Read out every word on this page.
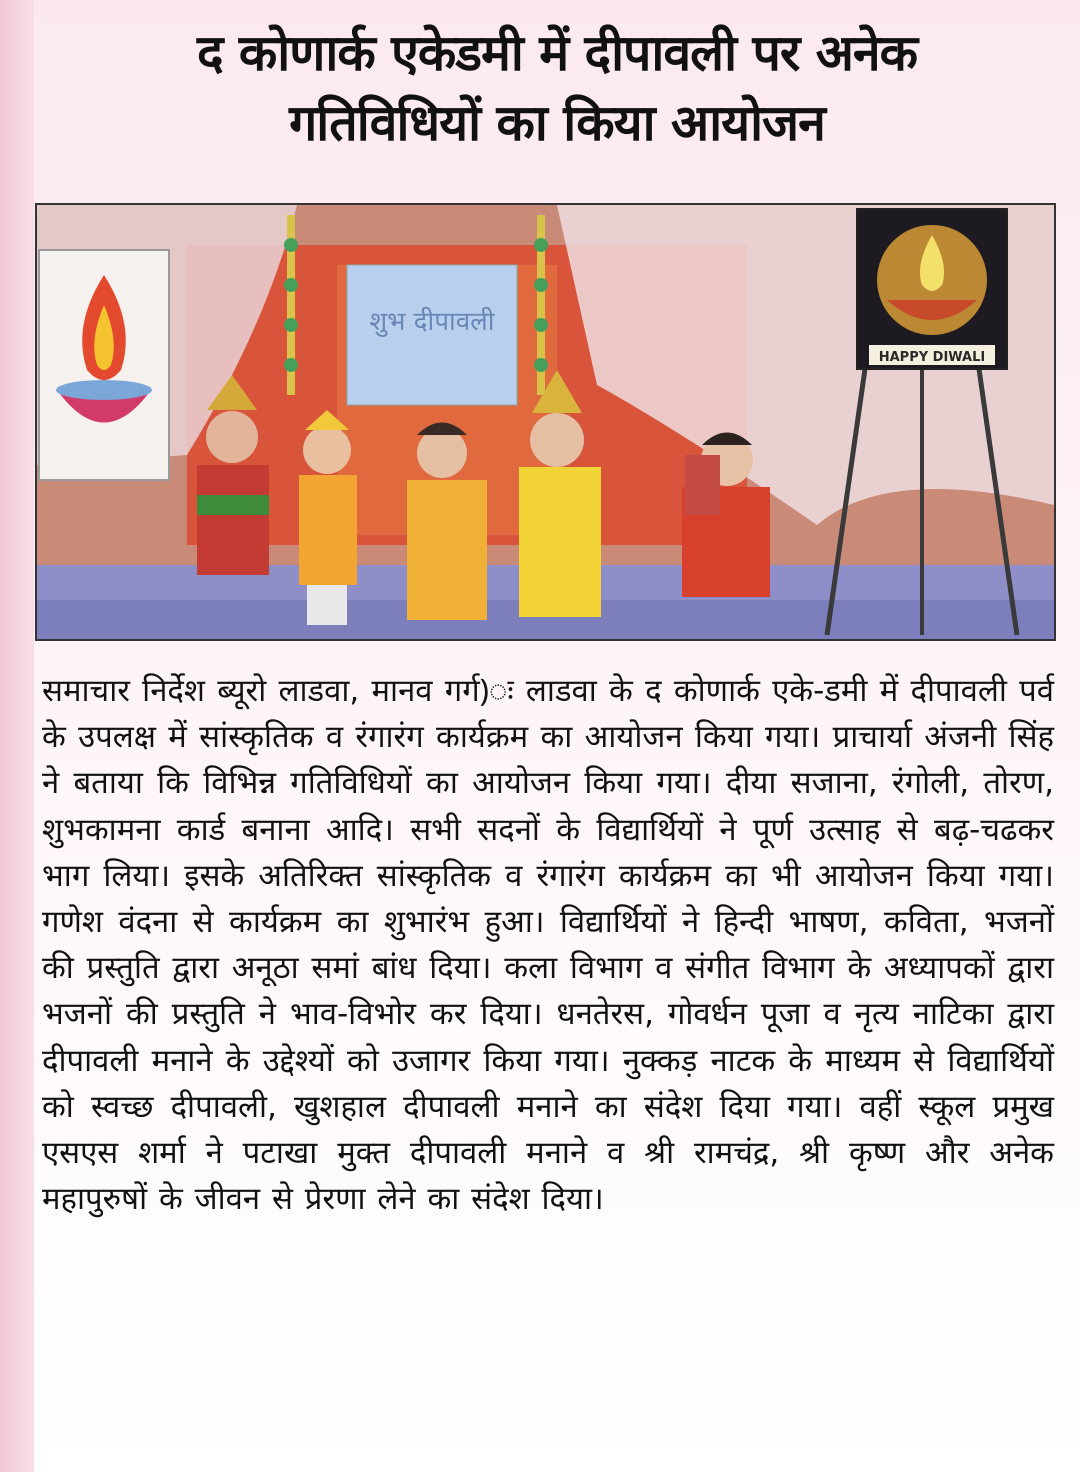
द कोणार्क एकेडमी में दीपावली पर अनेक
गतिविधियों का किया आयोजन
शुभ दीपावली
HAPPY DIWALI
समाचार निर्देश ब्यूरो लाडवा, मानव गर्ग)ः लाडवा के द कोणार्क एके-डमी में दीपावली पर्व के उपलक्ष में सांस्कृतिक व रंगारंग कार्यक्रम का आयोजन किया गया। प्राचार्या अंजनी सिंह ने बताया कि विभिन्न गतिविधियों का आयोजन किया गया। दीया सजाना, रंगोली, तोरण, शुभकामना कार्ड बनाना आदि। सभी सदनों के विद्यार्थियों ने पूर्ण उत्साह से बढ़-चढकर भाग लिया। इसके अतिरिक्त सांस्कृतिक व रंगारंग कार्यक्रम का भी आयोजन किया गया। गणेश वंदना से कार्यक्रम का शुभारंभ हुआ। विद्यार्थियों ने हिन्दी भाषण, कविता, भजनों की प्रस्तुति द्वारा अनूठा समां बांध दिया। कला विभाग व संगीत विभाग के अध्यापकों द्वारा भजनों की प्रस्तुति ने भाव-विभोर कर दिया। धनतेरस, गोवर्धन पूजा व नृत्य नाटिका द्वारा दीपावली मनाने के उद्देश्यों को उजागर किया गया। नुक्कड़ नाटक के माध्यम से विद्यार्थियों को स्वच्छ दीपावली, खुशहाल दीपावली मनाने का संदेश दिया गया। वहीं स्कूल प्रमुख एसएस शर्मा ने पटाखा मुक्त दीपावली मनाने व श्री रामचंद्र, श्री कृष्ण और अनेक महापुरुषों के जीवन से प्रेरणा लेने का संदेश दिया।
